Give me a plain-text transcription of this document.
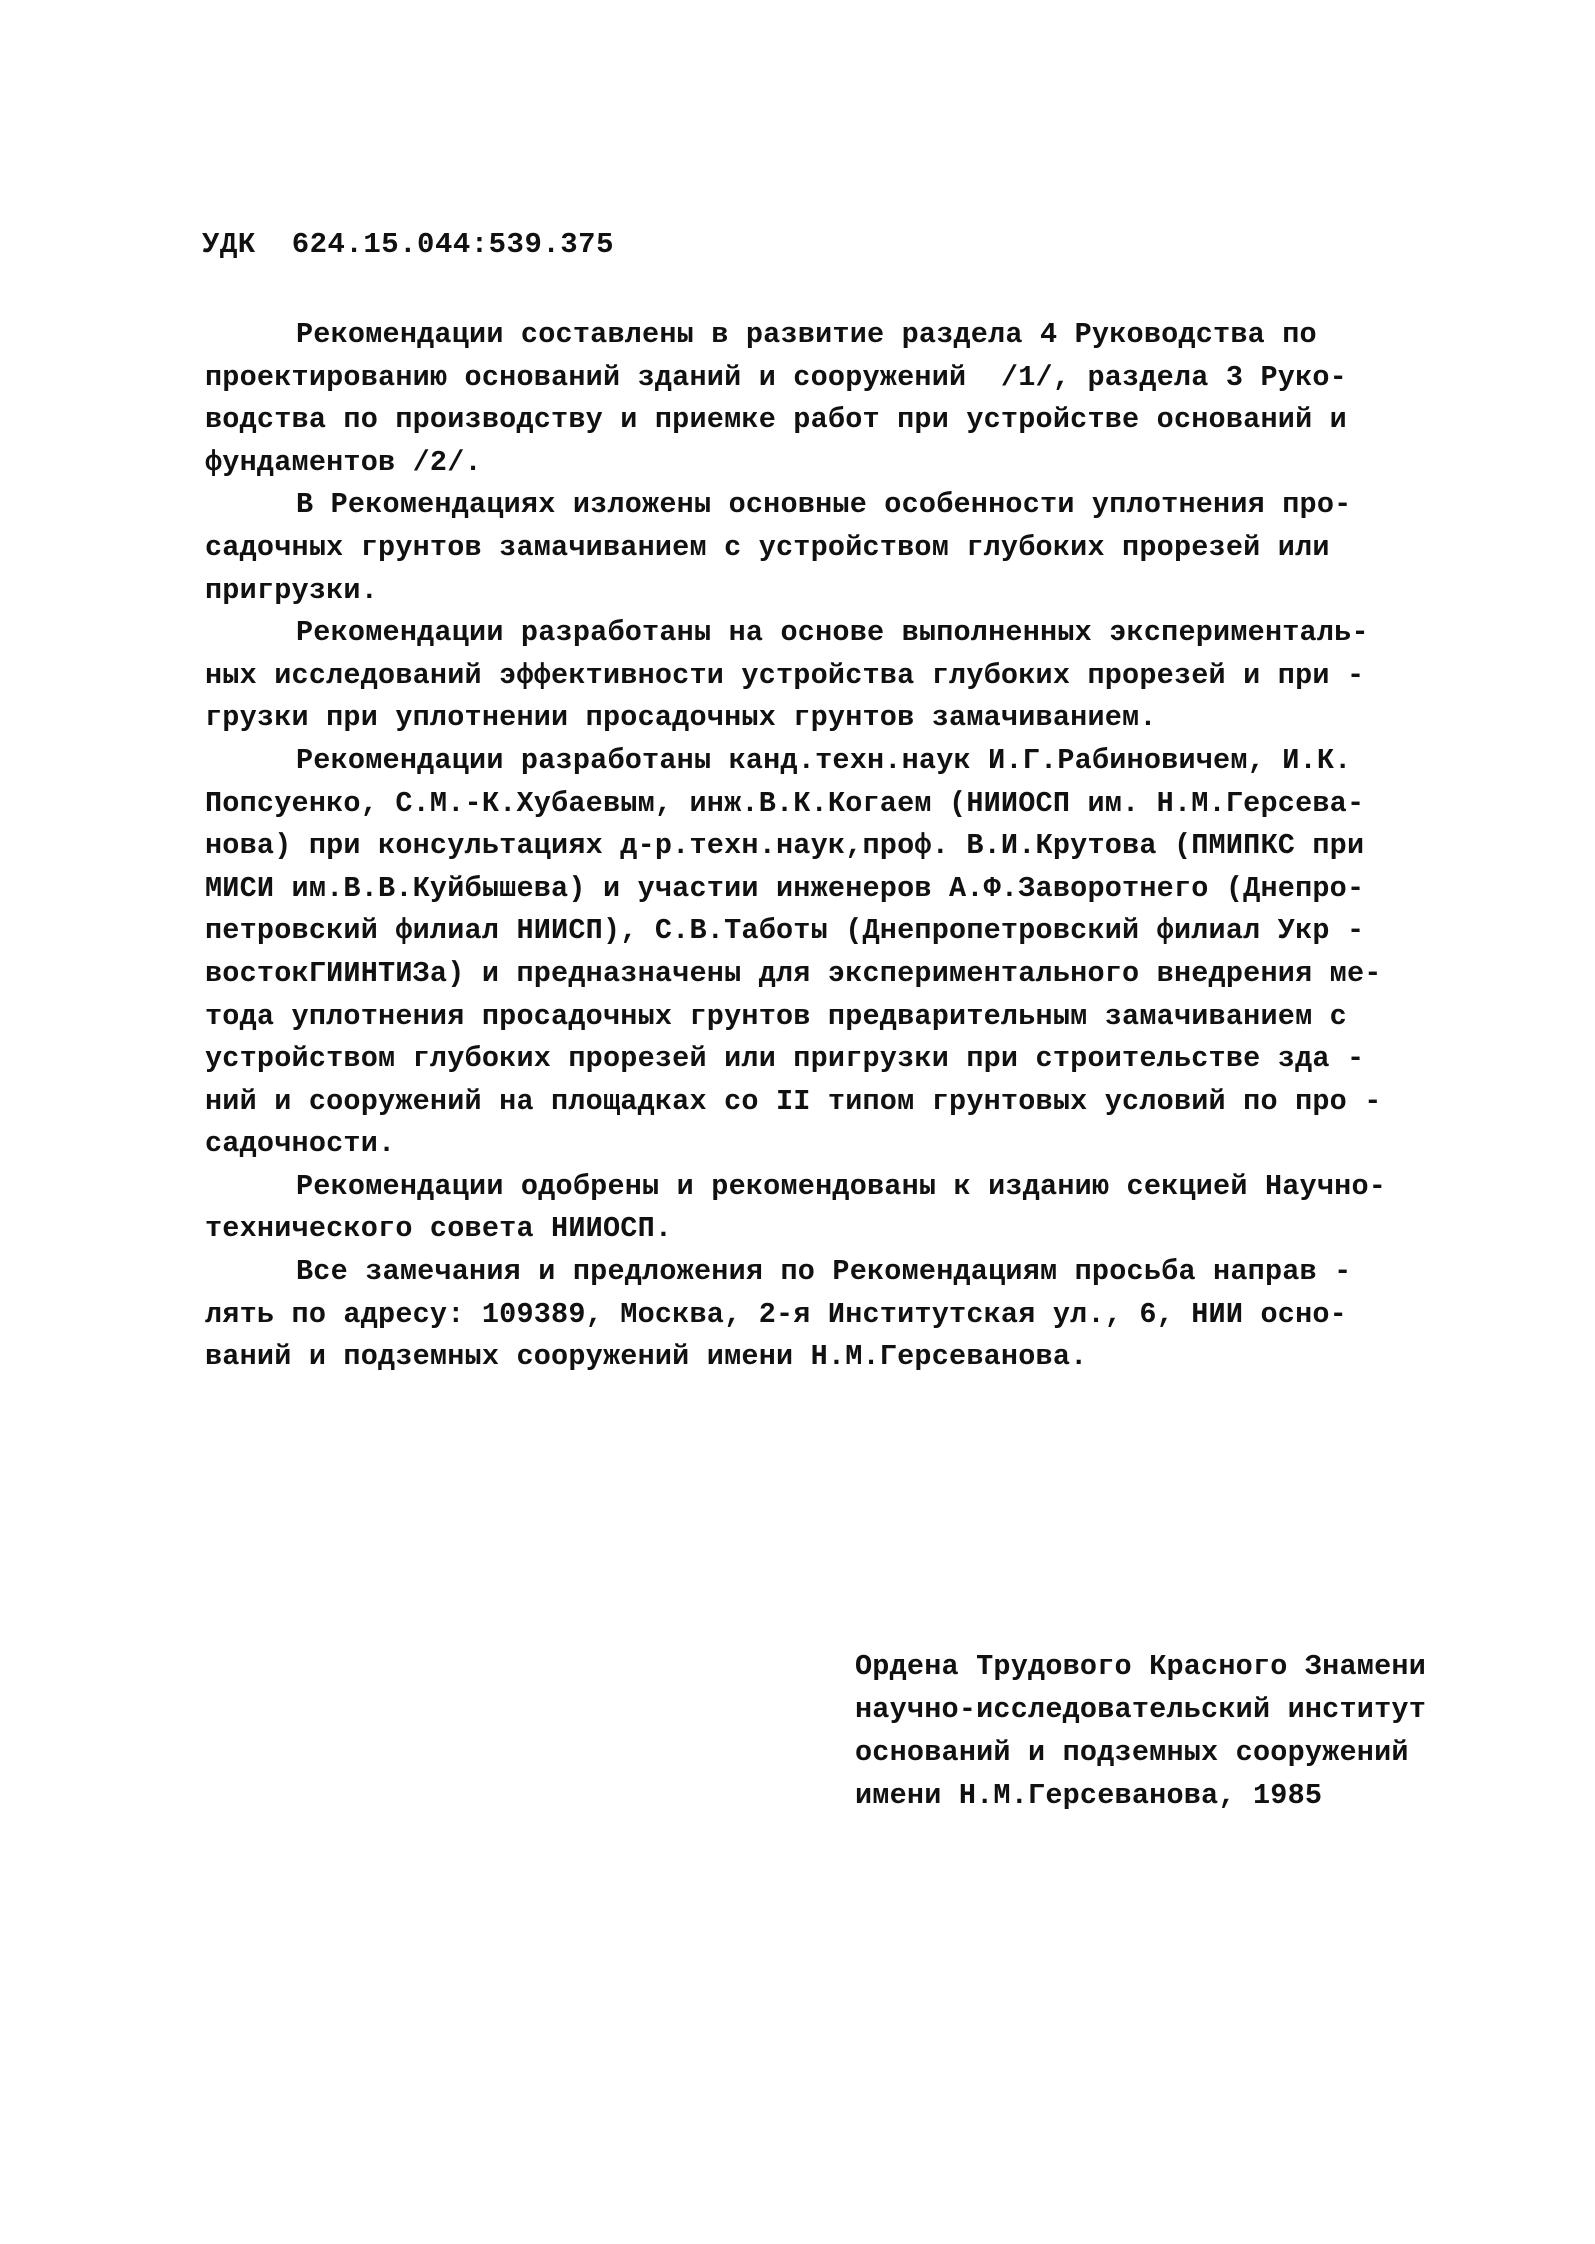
УДК 624.15.044:539.375
Рекомендации составлены в развитие раздела 4 Руководства по
проектированию оснований зданий и сооружений  /1/, раздела 3 Руко-
водства по производству и приемке работ при устройстве оснований и
фундаментов /2/.
В Рекомендациях изложены основные особенности уплотнения про-
садочных грунтов замачиванием с устройством глубоких прорезей или
пригрузки.
Рекомендации разработаны на основе выполненных эксперименталь-
ных исследований эффективности устройства глубоких прорезей и при -
грузки при уплотнении просадочных грунтов замачиванием.
Рекомендации разработаны канд.техн.наук И.Г.Рабиновичем, И.К.
Попсуенко, С.М.-К.Хубаевым, инж.В.К.Когаем (НИИОСП им. Н.М.Герсева-
нова) при консультациях д-р.техн.наук,проф. В.И.Крутова (ПМИПКС при
МИСИ им.В.В.Куйбышева) и участии инженеров А.Ф.Заворотнего (Днепро-
петровский филиал НИИСП), С.В.Таботы (Днепропетровский филиал Укр -
востокГИИНТИЗа) и предназначены для экспериментального внедрения ме-
тода уплотнения просадочных грунтов предварительным замачиванием с
устройством глубоких прорезей или пригрузки при строительстве зда -
ний и сооружений на площадках со II типом грунтовых условий по про -
садочности.
Рекомендации одобрены и рекомендованы к изданию секцией Научно-
технического совета НИИОСП.
Все замечания и предложения по Рекомендациям просьба направ -
лять по адресу: 109389, Москва, 2-я Институтская ул., 6, НИИ осно-
ваний и подземных сооружений имени Н.М.Герсеванова.
Ордена Трудового Красного Знамени
научно-исследовательский институт
оснований и подземных сооружений
имени Н.М.Герсеванова, 1985
